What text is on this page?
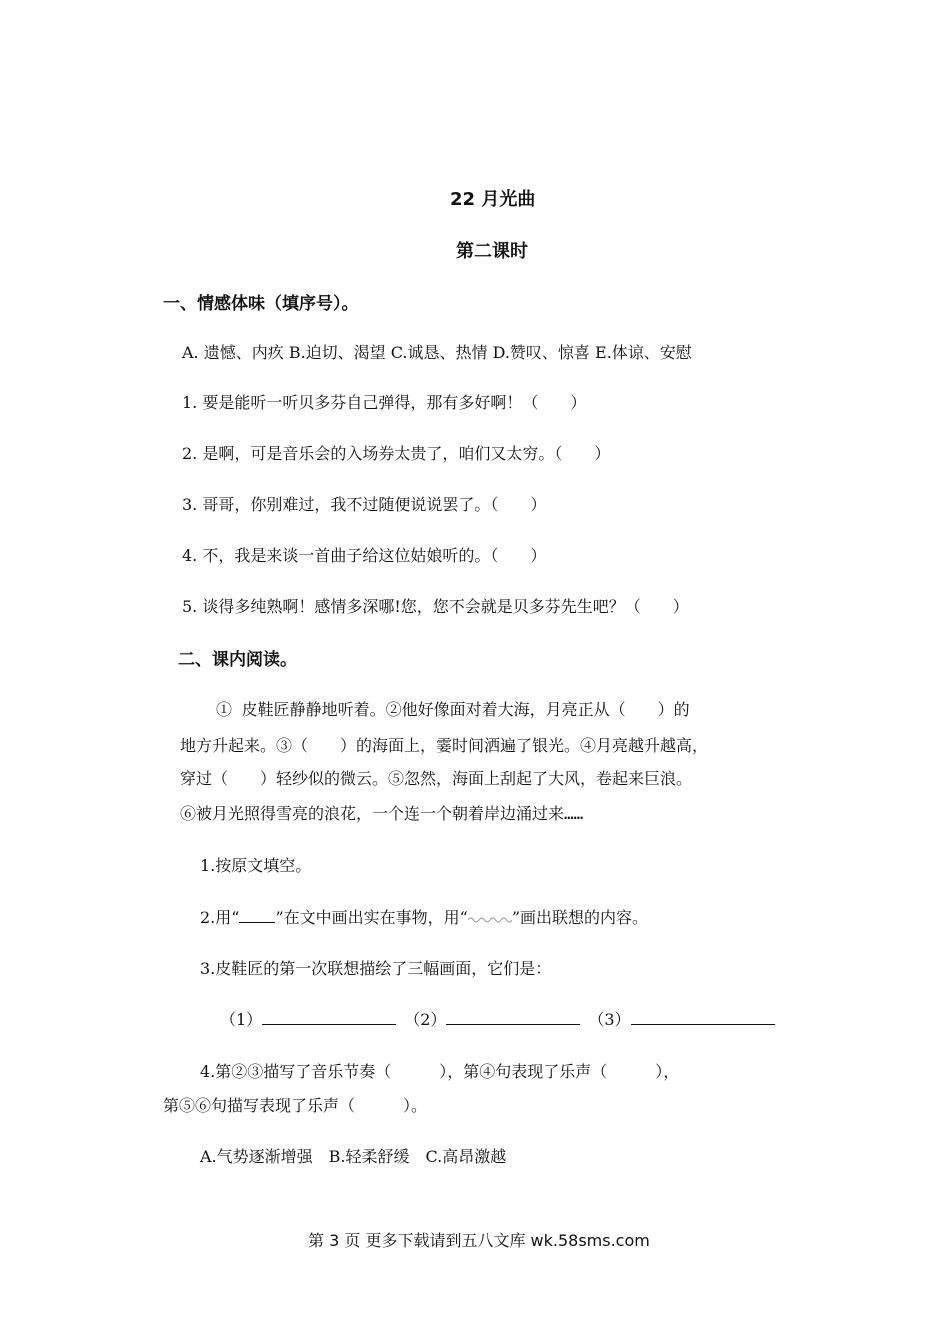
22 月光曲
第二课时
一、情感体味（填序号）。
A. 遗憾、内疚 B.迫切、渴望 C.诚恳、热情 D.赞叹、惊喜 E.体谅、安慰
1. 要是能听一听贝多芬自己弹得，那有多好啊！（　　）
2. 是啊，可是音乐会的入场券太贵了，咱们又太穷。（　　）
3. 哥哥，你别难过，我不过随便说说罢了。（　　）
4. 不，我是来谈一首曲子给这位姑娘听的。（　　）
5. 谈得多纯熟啊！感情多深哪!您，您不会就是贝多芬先生吧？（　　）
二、课内阅读。
① 皮鞋匠静静地听着。②他好像面对着大海，月亮正从（　　）的
地方升起来。③（　　）的海面上，霎时间洒遍了银光。④月亮越升越高，
穿过（　　）轻纱似的微云。⑤忽然，海面上刮起了大风，卷起来巨浪。
⑥被月光照得雪亮的浪花，一个连一个朝着岸边涌过来……
1.按原文填空。
2.用“ ”在文中画出实在事物，用“	”画出联想的内容。
3.皮鞋匠的第一次联想描绘了三幅画面，它们是：
（1）	（2）	（3）
4.第②③描写了音乐节奏（　　　），第④句表现了乐声（　　　），
第⑤⑥句描写表现了乐声（　　　）。
A.气势逐渐增强　B.轻柔舒缓　C.高昂激越
第 3 页 更多下载请到五八文库 wk.58sms.com
